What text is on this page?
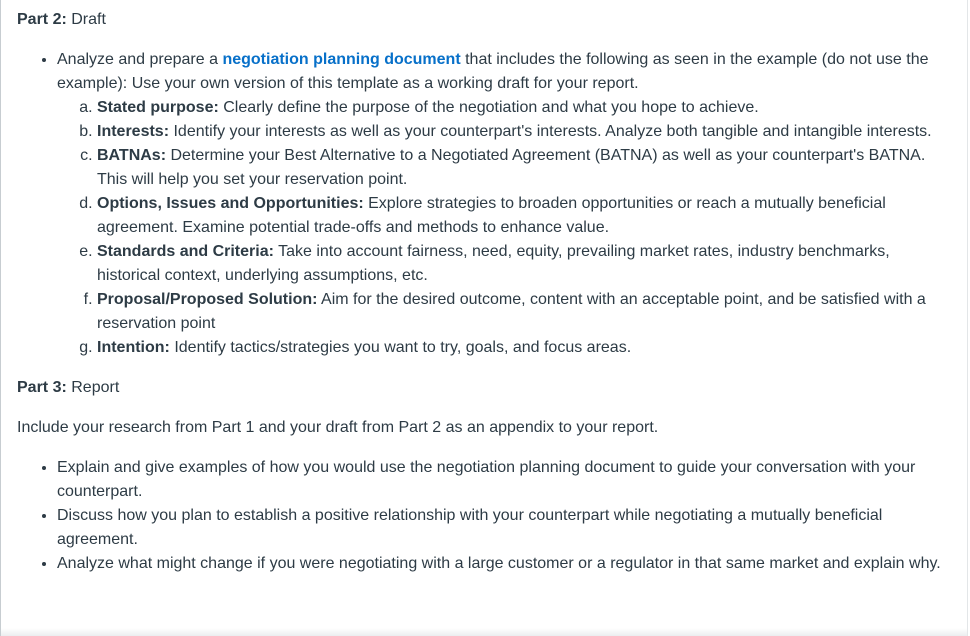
Part 2: Draft

• Analyze and prepare a negotiation planning document that includes the following as seen in the example (do not use the example): Use your own version of this template as a working draft for your report.
a. Stated purpose: Clearly define the purpose of the negotiation and what you hope to achieve.
b. Interests: Identify your interests as well as your counterpart's interests. Analyze both tangible and intangible interests.
c. BATNAs: Determine your Best Alternative to a Negotiated Agreement (BATNA) as well as your counterpart's BATNA. This will help you set your reservation point.
d. Options, Issues and Opportunities: Explore strategies to broaden opportunities or reach a mutually beneficial agreement. Examine potential trade-offs and methods to enhance value.
e. Standards and Criteria: Take into account fairness, need, equity, prevailing market rates, industry benchmarks, historical context, underlying assumptions, etc.
f. Proposal/Proposed Solution: Aim for the desired outcome, content with an acceptable point, and be satisfied with a reservation point
g. Intention: Identify tactics/strategies you want to try, goals, and focus areas.

Part 3: Report

Include your research from Part 1 and your draft from Part 2 as an appendix to your report.

• Explain and give examples of how you would use the negotiation planning document to guide your conversation with your counterpart.
• Discuss how you plan to establish a positive relationship with your counterpart while negotiating a mutually beneficial agreement.
• Analyze what might change if you were negotiating with a large customer or a regulator in that same market and explain why.
